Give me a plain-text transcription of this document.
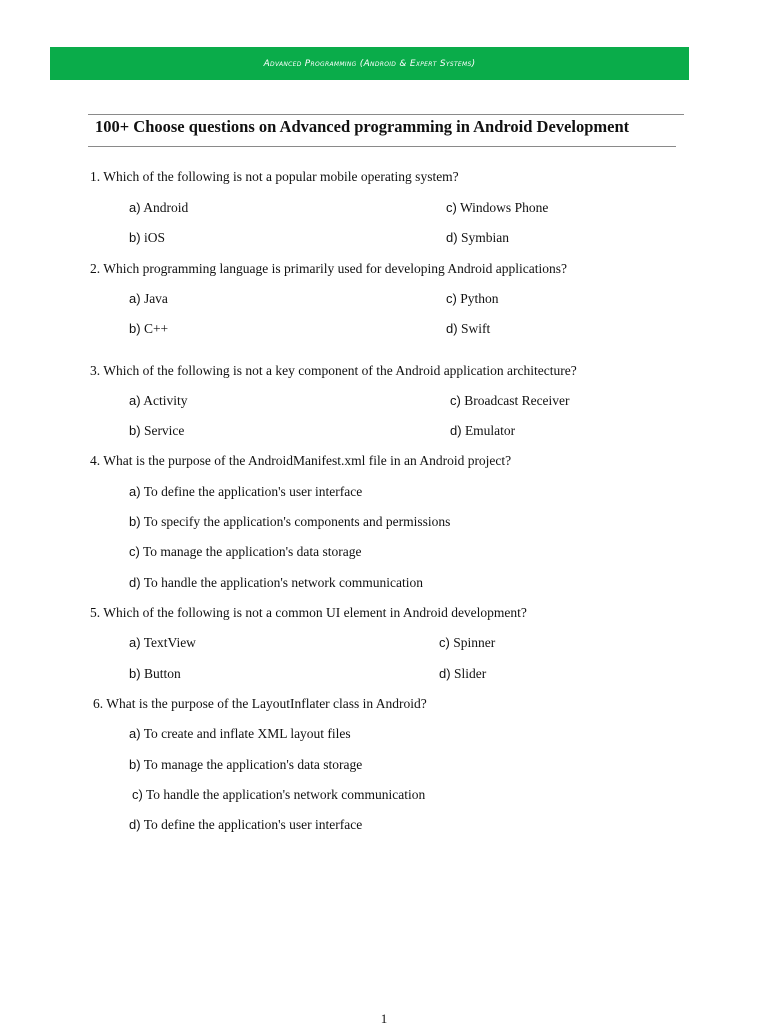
Advanced Programming (Android & Expert Systems)
100+ Choose questions on Advanced programming in Android Development
1. Which of the following is not a popular mobile operating system?
a) Android
b) iOS
c) Windows Phone
d) Symbian
2. Which programming language is primarily used for developing Android applications?
a) Java
b) C++
c) Python
d) Swift
3. Which of the following is not a key component of the Android application architecture?
a) Activity
b) Service
c) Broadcast Receiver
d) Emulator
4. What is the purpose of the AndroidManifest.xml file in an Android project?
a) To define the application's user interface
b) To specify the application's components and permissions
c) To manage the application's data storage
d) To handle the application's network communication
5. Which of the following is not a common UI element in Android development?
a) TextView
b) Button
c) Spinner
d) Slider
6. What is the purpose of the LayoutInflater class in Android?
a) To create and inflate XML layout files
b) To manage the application's data storage
c) To handle the application's network communication
d) To define the application's user interface
1
